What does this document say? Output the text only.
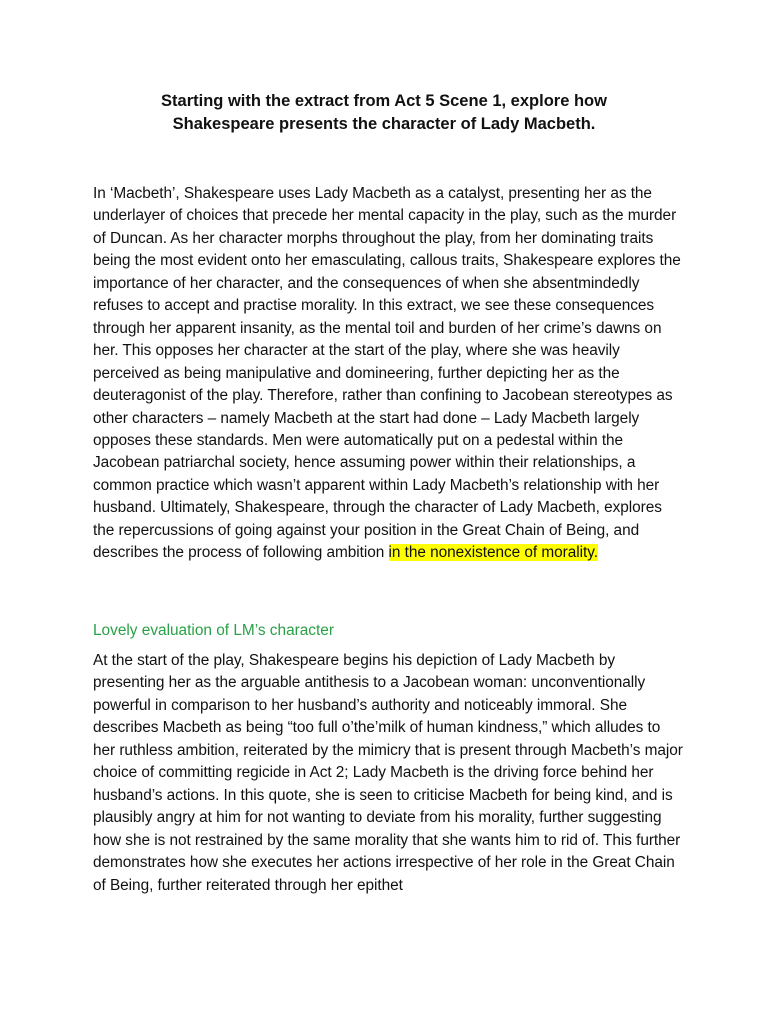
Starting with the extract from Act 5 Scene 1, explore how
Shakespeare presents the character of Lady Macbeth.

In ‘Macbeth’, Shakespeare uses Lady Macbeth as a catalyst, presenting her as the underlayer of choices that precede her mental capacity in the play, such as the murder of Duncan. As her character morphs throughout the play, from her dominating traits being the most evident onto her emasculating, callous traits, Shakespeare explores the importance of her character, and the consequences of when she absentmindedly refuses to accept and practise morality. In this extract, we see these consequences through her apparent insanity, as the mental toil and burden of her crime’s dawns on her. This opposes her character at the start of the play, where she was heavily perceived as being manipulative and domineering, further depicting her as the deuteragonist of the play. Therefore, rather than confining to Jacobean stereotypes as other characters – namely Macbeth at the start had done – Lady Macbeth largely opposes these standards. Men were automatically put on a pedestal within the Jacobean patriarchal society, hence assuming power within their relationships, a common practice which wasn’t apparent within Lady Macbeth’s relationship with her husband. Ultimately, Shakespeare, through the character of Lady Macbeth, explores the repercussions of going against your position in the Great Chain of Being, and describes the process of following ambition in the nonexistence of morality.

Lovely evaluation of LM’s character

At the start of the play, Shakespeare begins his depiction of Lady Macbeth by presenting her as the arguable antithesis to a Jacobean woman: unconventionally powerful in comparison to her husband’s authority and noticeably immoral. She describes Macbeth as being “too full o’the’milk of human kindness,” which alludes to her ruthless ambition, reiterated by the mimicry that is present through Macbeth’s major choice of committing regicide in Act 2; Lady Macbeth is the driving force behind her husband’s actions. In this quote, she is seen to criticise Macbeth for being kind, and is plausibly angry at him for not wanting to deviate from his morality, further suggesting how she is not restrained by the same morality that she wants him to rid of. This further demonstrates how she executes her actions irrespective of her role in the Great Chain of Being, further reiterated through her epithet
